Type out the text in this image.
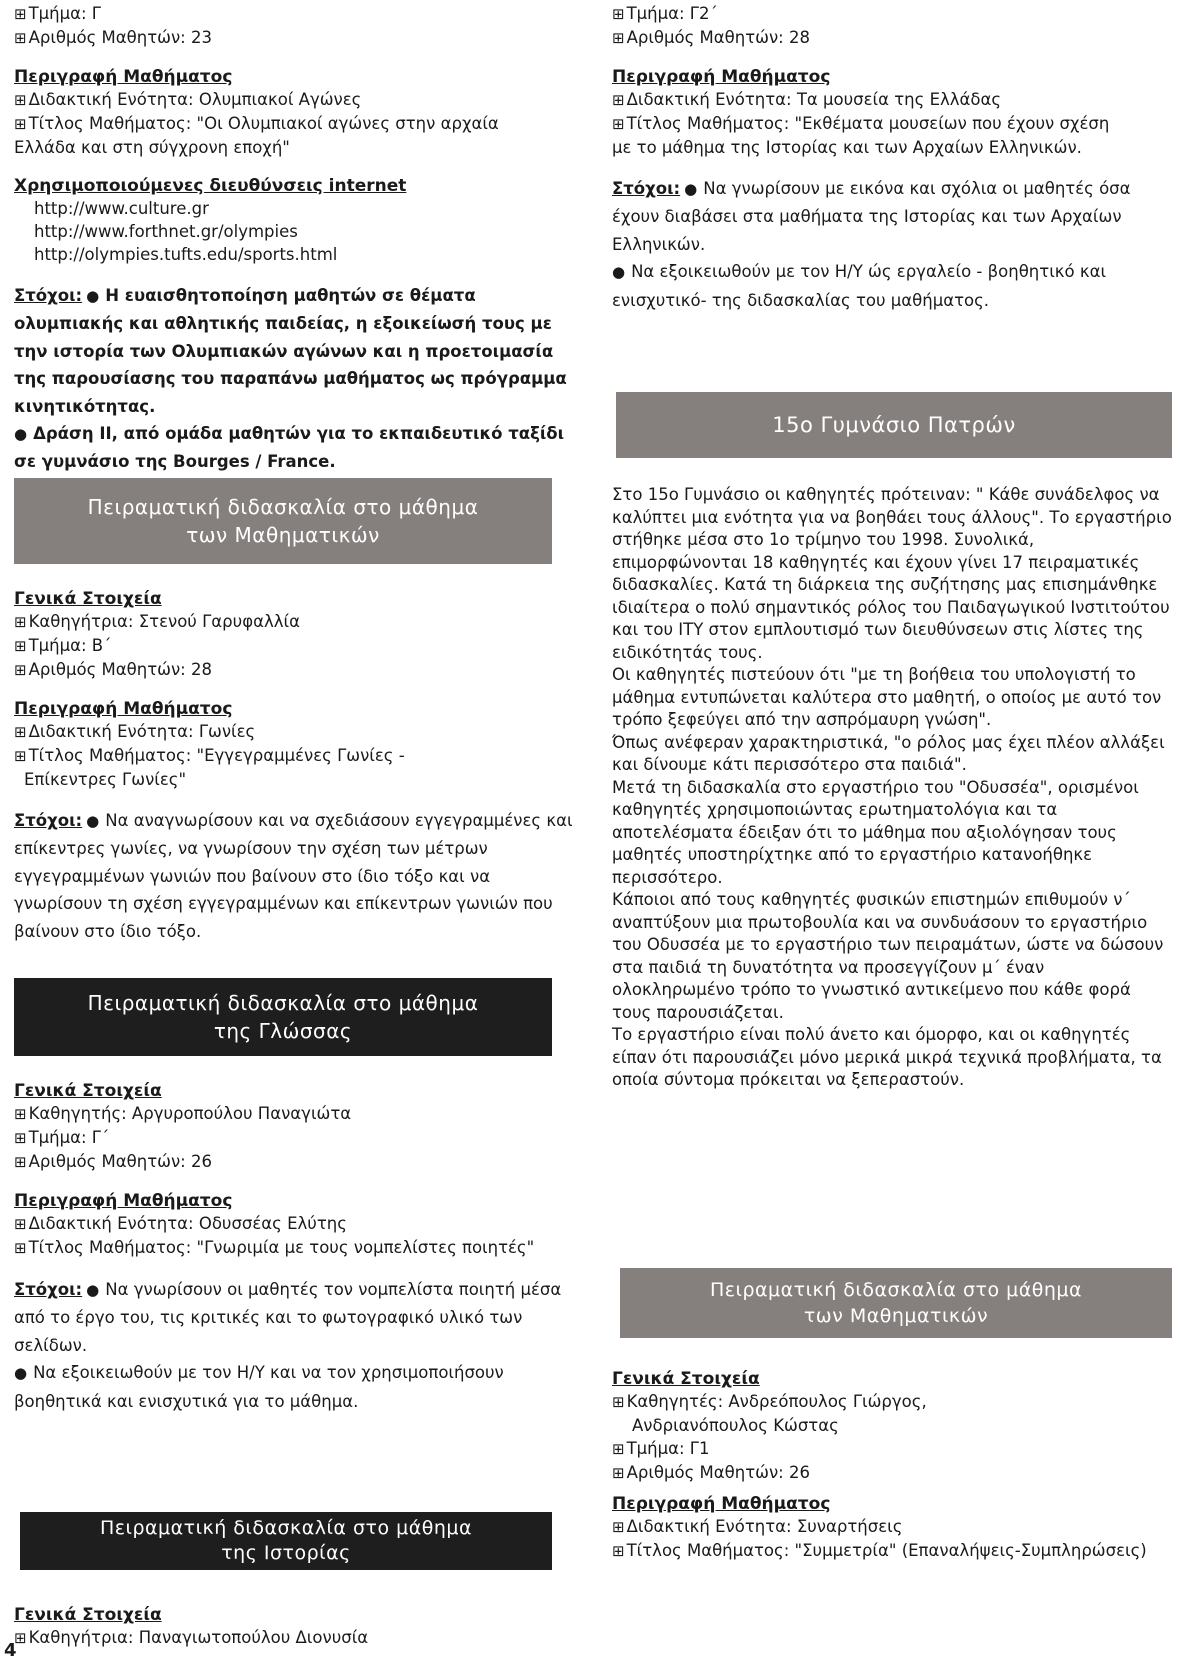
⊞ Τμήμα: Γ
⊞ Αριθμός Μαθητών: 23
Περιγραφή Μαθήματος
⊞ Διδακτική Ενότητα: Ολυμπιακοί Αγώνες
⊞ Τίτλος Μαθήματος: "Οι Ολυμπιακοί αγώνες στην αρχαία
Ελλάδα και στη σύγχρονη εποχή"
Χρησιμοποιούμενες διευθύνσεις internet
http://www.culture.gr
http://www.forthnet.gr/olympies
http://olympies.tufts.edu/sports.html
Στόχοι: ● Η ευαισθητοποίηση μαθητών σε θέματα ολυμπιακής και αθλητικής παιδείας, η εξοικείωσή τους με την ιστορία των Ολυμπιακών αγώνων και η προετοιμασία της παρουσίασης του παραπάνω μαθήματος ως πρόγραμμα κινητικότητας.
● Δράση ΙΙ, από ομάδα μαθητών για το εκπαιδευτικό ταξίδι σε γυμνάσιο της Bourges / France.
Πειραματική διδασκαλία στο μάθημα
των Μαθηματικών
Γενικά Στοιχεία
⊞ Καθηγήτρια: Στενού Γαρυφαλλία
⊞ Τμήμα: Β΄
⊞ Αριθμός Μαθητών: 28
Περιγραφή Μαθήματος
⊞ Διδακτική Ενότητα: Γωνίες
⊞ Τίτλος Μαθήματος: "Εγγεγραμμένες Γωνίες -
Επίκεντρες Γωνίες"
Στόχοι: ● Να αναγνωρίσουν και να σχεδιάσουν εγγεγραμμένες και επίκεντρες γωνίες, να γνωρίσουν την σχέση των μέτρων εγγεγραμμένων γωνιών που βαίνουν στο ίδιο τόξο και να γνωρίσουν τη σχέση εγγεγραμμένων και επίκεντρων γωνιών που βαίνουν στο ίδιο τόξο.
Πειραματική διδασκαλία στο μάθημα
της Γλώσσας
Γενικά Στοιχεία
⊞ Καθηγητής: Αργυροπούλου Παναγιώτα
⊞ Τμήμα: Γ΄
⊞ Αριθμός Μαθητών: 26
Περιγραφή Μαθήματος
⊞ Διδακτική Ενότητα: Οδυσσέας Ελύτης
⊞ Τίτλος Μαθήματος: "Γνωριμία με τους νομπελίστες ποιητές"
Στόχοι: ● Να γνωρίσουν οι μαθητές τον νομπελίστα ποιητή μέσα από το έργο του, τις κριτικές και το φωτογραφικό υλικό των σελίδων.
● Να εξοικειωθούν με τον Η/Υ και να τον χρησιμοποιήσουν βοηθητικά και ενισχυτικά για το μάθημα.
Πειραματική διδασκαλία στο μάθημα
της Ιστορίας
Γενικά Στοιχεία
⊞ Καθηγήτρια: Παναγιωτοπούλου Διονυσία
4
⊞ Τμήμα: Γ2΄
⊞ Αριθμός Μαθητών: 28
Περιγραφή Μαθήματος
⊞ Διδακτική Ενότητα: Τα μουσεία της Ελλάδας
⊞ Τίτλος Μαθήματος: "Εκθέματα μουσείων που έχουν σχέση
με το μάθημα της Ιστορίας και των Αρχαίων Ελληνικών.
Στόχοι: ● Να γνωρίσουν με εικόνα και σχόλια οι μαθητές όσα έχουν διαβάσει στα μαθήματα της Ιστορίας και των Αρχαίων Ελληνικών.
● Να εξοικειωθούν με τον Η/Υ ώς εργαλείο - βοηθητικό και ενισχυτικό- της διδασκαλίας του μαθήματος.
15ο Γυμνάσιο Πατρών
Στο 15ο Γυμνάσιο οι καθηγητές πρότειναν: " Κάθε συνάδελφος να καλύπτει μια ενότητα για να βοηθάει τους άλλους". Το εργαστήριο στήθηκε μέσα στο 1ο τρίμηνο του 1998. Συνολικά, επιμορφώνονται 18 καθηγητές και έχουν γίνει 17 πειραματικές διδασκαλίες. Κατά τη διάρκεια της συζήτησης μας επισημάνθηκε ιδιαίτερα ο πολύ σημαντικός ρόλος του Παιδαγωγικού Ινστιτούτου και του ΙΤΥ στον εμπλουτισμό των διευθύνσεων στις λίστες της ειδικότητάς τους.
Οι καθηγητές πιστεύουν ότι "με τη βοήθεια του υπολογιστή το μάθημα εντυπώνεται καλύτερα στο μαθητή, ο οποίος με αυτό τον τρόπο ξεφεύγει από την ασπρόμαυρη γνώση".
Όπως ανέφεραν χαρακτηριστικά, "ο ρόλος μας έχει πλέον αλλάξει και δίνουμε κάτι περισσότερο στα παιδιά".
Μετά τη διδασκαλία στο εργαστήριο του "Οδυσσέα", ορισμένοι καθηγητές χρησιμοποιώντας ερωτηματολόγια και τα αποτελέσματα έδειξαν ότι το μάθημα που αξιολόγησαν τους μαθητές υποστηρίχτηκε από το εργαστήριο κατανοήθηκε περισσότερο.
Κάποιοι από τους καθηγητές φυσικών επιστημών επιθυμούν ν΄ αναπτύξουν μια πρωτοβουλία και να συνδυάσουν το εργαστήριο του Οδυσσέα με το εργαστήριο των πειραμάτων, ώστε να δώσουν στα παιδιά τη δυνατότητα να προσεγγίζουν μ΄ έναν ολοκληρωμένο τρόπο το γνωστικό αντικείμενο που κάθε φορά τους παρουσιάζεται.
Το εργαστήριο είναι πολύ άνετο και όμορφο, και οι καθηγητές είπαν ότι παρουσιάζει μόνο μερικά μικρά τεχνικά προβλήματα, τα οποία σύντομα πρόκειται να ξεπεραστούν.
Πειραματική διδασκαλία στο μάθημα
των Μαθηματικών
Γενικά Στοιχεία
⊞ Καθηγητές: Ανδρεόπουλος Γιώργος,
Ανδριανόπουλος Κώστας
⊞ Τμήμα: Γ1
⊞ Αριθμός Μαθητών: 26
Περιγραφή Μαθήματος
⊞ Διδακτική Ενότητα: Συναρτήσεις
⊞ Τίτλος Μαθήματος: "Συμμετρία" (Επαναλήψεις-Συμπληρώσεις)
